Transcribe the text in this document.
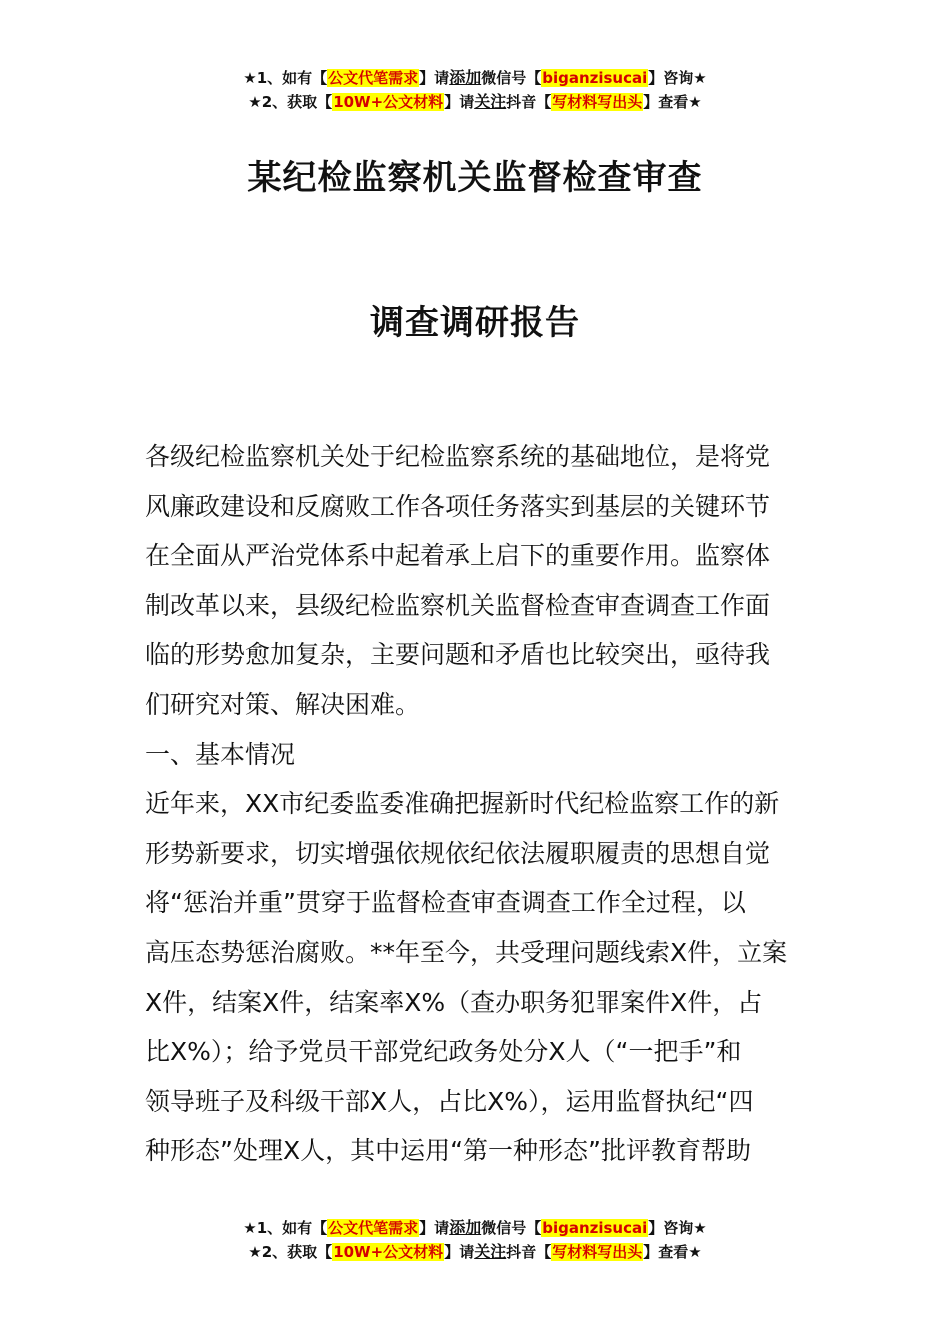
★1、如有【公文代笔需求】请添加微信号【biganzisucai】咨询★
★2、获取【10W+公文材料】请关注抖音【写材料写出头】查看★
某纪检监察机关监督检查审查
调查调研报告
各级纪检监察机关处于纪检监察系统的基础地位，是将党
风廉政建设和反腐败工作各项任务落实到基层的关键环节
在全面从严治党体系中起着承上启下的重要作用。监察体
制改革以来，县级纪检监察机关监督检查审查调查工作面
临的形势愈加复杂，主要问题和矛盾也比较突出，亟待我
们研究对策、解决困难。
一、基本情况
近年来，XX市纪委监委准确把握新时代纪检监察工作的新
形势新要求，切实增强依规依纪依法履职履责的思想自觉
将“惩治并重”贯穿于监督检查审查调查工作全过程，以
高压态势惩治腐败。**年至今，共受理问题线索X件，立案
X件，结案X件，结案率X%（查办职务犯罪案件X件，占
比X%）；给予党员干部党纪政务处分X人（“一把手”和
领导班子及科级干部X人，占比X%），运用监督执纪“四
种形态”处理X人，其中运用“第一种形态”批评教育帮助
★1、如有【公文代笔需求】请添加微信号【biganzisucai】咨询★
★2、获取【10W+公文材料】请关注抖音【写材料写出头】查看★
